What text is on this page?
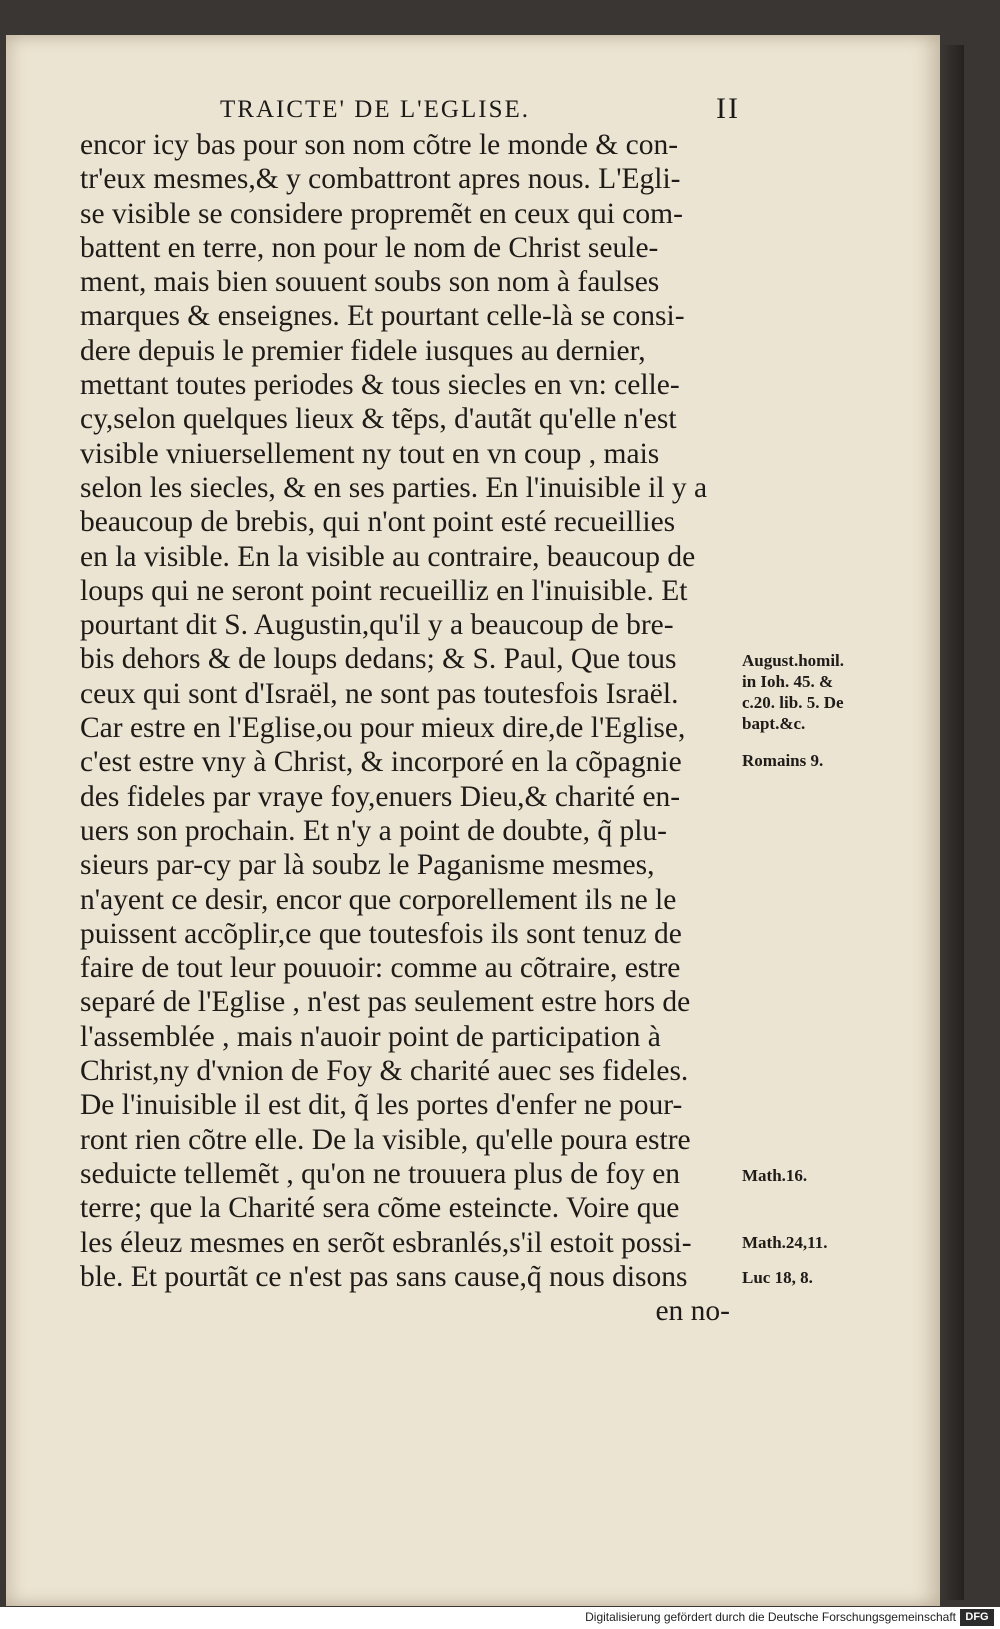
TRAICTE' DE L'EGLISE.	II
encor icy bas pour son nom cõtre le monde & con-
tr'eux mesmes,& y combattront apres nous. L'Egli-
se visible se considere propremẽt en ceux qui com-
battent en terre, non pour le nom de Christ seule-
ment, mais bien souuent soubs son nom à faulses
marques & enseignes. Et pourtant celle-là se consi-
dere depuis le premier fidele iusques au dernier,
mettant toutes periodes & tous siecles en vn: celle-
cy,selon quelques lieux & tẽps, d'autãt qu'elle n'est
visible vniuersellement ny tout en vn coup , mais
selon les siecles, & en ses parties. En l'inuisible il y a
beaucoup de brebis, qui n'ont point esté recueillies
en la visible. En la visible au contraire, beaucoup de
loups qui ne seront point recueilliz en l'inuisible. Et
pourtant dit S. Augustin,qu'il y a beaucoup de bre-
bis dehors & de loups dedans; & S. Paul, Que tous
ceux qui sont d'Israël, ne sont pas toutesfois Israël.
Car estre en l'Eglise,ou pour mieux dire,de l'Eglise,
c'est estre vny à Christ, & incorporé en la cõpagnie
des fideles par vraye foy,enuers Dieu,& charité en-
uers son prochain. Et n'y a point de doubte, q̃ plu-
sieurs par-cy par là soubz le Paganisme mesmes,
n'ayent ce desir, encor que corporellement ils ne le
puissent accõplir,ce que toutesfois ils sont tenuz de
faire de tout leur pouuoir: comme au cõtraire, estre
separé de l'Eglise , n'est pas seulement estre hors de
l'assemblée , mais n'auoir point de participation à
Christ,ny d'vnion de Foy & charité auec ses fideles.
De l'inuisible il est dit, q̃ les portes d'enfer ne pour-
ront rien cõtre elle. De la visible, qu'elle poura estre
seduicte tellemẽt , qu'on ne trouuera plus de foy en
terre; que la Charité sera cõme esteincte. Voire que
les éleuz mesmes en serõt esbranlés,s'il estoit possi-
ble. Et pourtãt ce n'est pas sans cause,q̃ nous disons
en no-
August.homil.
in Ioh. 45. &
c.20. lib. 5. De
bapt.&c.
Romains 9.
Math.16.
Math.24,11.
Luc 18, 8.
Digitalisierung gefördert durch die Deutsche Forschungsgemeinschaft DFG
